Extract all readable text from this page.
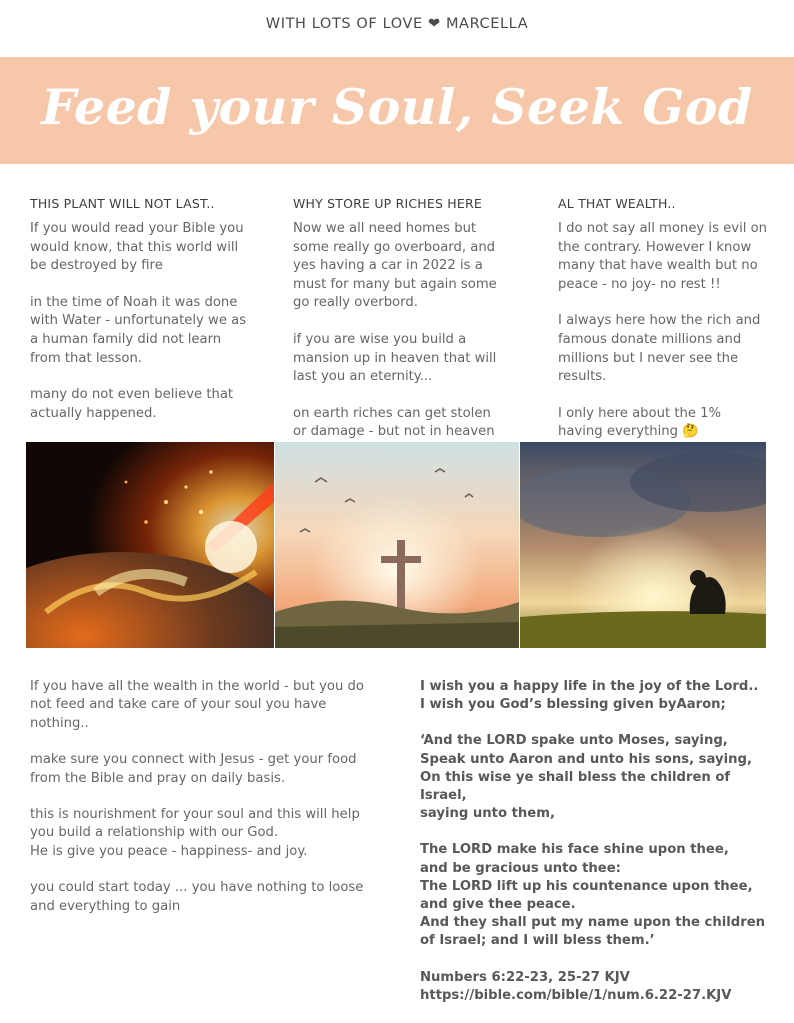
WITH LOTS OF LOVE ❤ MARCELLA
Feed your Soul, Seek God
THIS PLANT WILL NOT LAST..

If you would read your Bible you would know, that this world will be destroyed by fire

in the time of Noah it was done with Water - unfortunately we as a human family did not learn from that lesson.

many do not even believe that actually happened.

WHY STORE UP RICHES HERE

Now we all need homes but some really go overboard, and yes having a car in 2022 is a must for many but again some go really overbord.

if you are wise you build a mansion up in heaven that will last you an eternity...

on earth riches can get stolen or damage - but not in heaven

AL THAT WEALTH..

I do not say all money is evil on the contrary. However I know many that have wealth but no peace - no joy- no rest !!

I always here how the rich and famous donate millions and millions but I never see the results.

I only here about the 1% having everything 🤔

If you have all the wealth in the world - but you do not feed and take care of your soul you have nothing..

make sure you connect with Jesus - get your food from the Bible and pray on daily basis.

this is nourishment for your soul and this will help you build a relationship with our God.

He is give you peace - happiness- and joy.

you could start today ... you have nothing to loose and everything to gain

I wish you a happy life in the joy of the Lord..
I wish you God’s blessing given byAaron;

‘And the LORD spake unto Moses, saying,
Speak unto Aaron and unto his sons, saying,
On this wise ye shall bless the children of Israel,
saying unto them,

The LORD make his face shine upon thee,
and be gracious unto thee:
The LORD lift up his countenance upon thee,
and give thee peace.
And they shall put my name upon the children
of Israel; and I will bless them.’

Numbers 6:22-23, 25-27 KJV
https://bible.com/bible/1/num.6.22-27.KJV
